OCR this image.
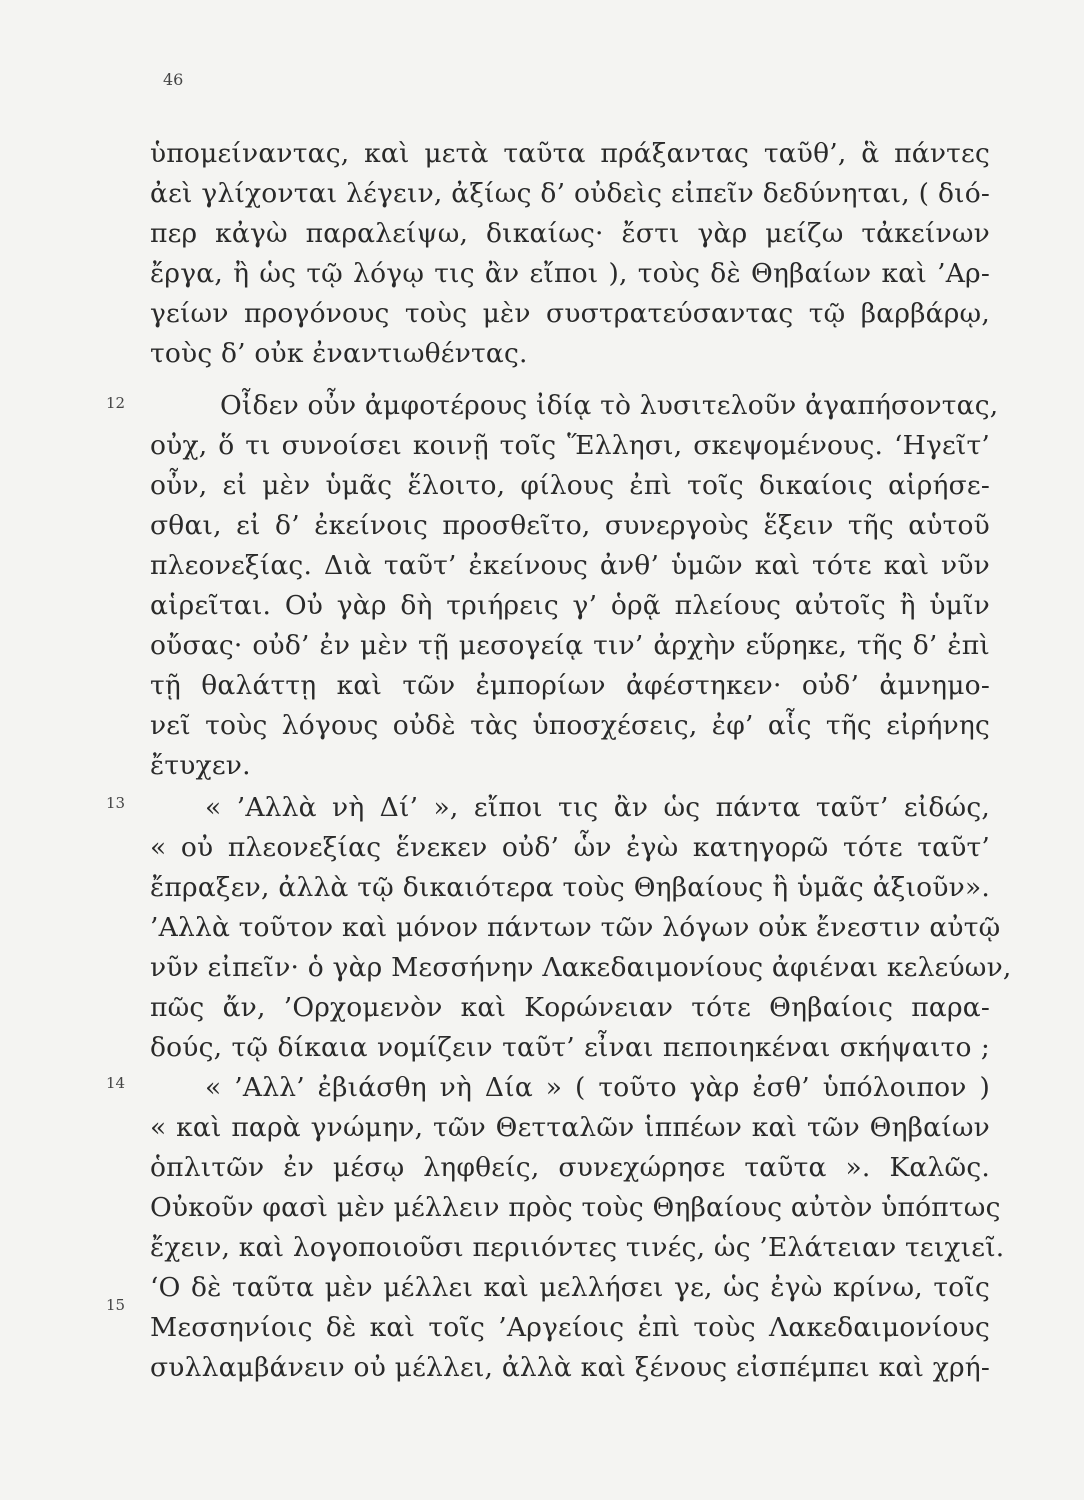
46
12
13
14
15
ὑπομείναντας, καὶ μετὰ ταῦτα πράξαντας ταῦθ’, ἃ πάντες
ἀεὶ γλίχονται λέγειν, ἀξίως δ’ οὐδεὶς εἰπεῖν δεδύνηται, ( διό-
περ κἀγὼ παραλείψω, δικαίως· ἔστι γὰρ μείζω τἀκείνων
ἔργα, ἢ ὡς τῷ λόγῳ τις ἂν εἴποι ), τοὺς δὲ Θηβαίων καὶ ’Αρ-
γείων προγόνους τοὺς μὲν συστρατεύσαντας τῷ βαρβάρῳ,
τοὺς δ’ οὐκ ἐναντιωθέντας.
Οἶδεν οὖν ἀμφοτέρους ἰδίᾳ τὸ λυσιτελοῦν ἀγαπήσοντας,
οὐχ, ὅ τι συνοίσει κοινῇ τοῖς Ἕλλησι, σκεψομένους. ‘Ηγεῖτ’
οὖν, εἰ μὲν ὑμᾶς ἕλοιτο, φίλους ἐπὶ τοῖς δικαίοις αἱρήσε-
σθαι, εἰ δ’ ἐκείνοις προσθεῖτο, συνεργοὺς ἕξειν τῆς αὑτοῦ
πλεονεξίας. Διὰ ταῦτ’ ἐκείνους ἀνθ’ ὑμῶν καὶ τότε καὶ νῦν
αἱρεῖται. Οὐ γὰρ δὴ τριήρεις γ’ ὁρᾷ πλείους αὐτοῖς ἢ ὑμῖν
οὔσας· οὐδ’ ἐν μὲν τῇ μεσογείᾳ τιν’ ἀρχὴν εὕρηκε, τῆς δ’ ἐπὶ
τῇ θαλάττῃ καὶ τῶν ἐμπορίων ἀφέστηκεν· οὐδ’ ἀμνημο-
νεῖ τοὺς λόγους οὐδὲ τὰς ὑποσχέσεις, ἐφ’ αἷς τῆς εἰρήνης
ἔτυχεν.
« ’Αλλὰ νὴ Δί’ », εἴποι τις ἂν ὡς πάντα ταῦτ’ εἰδώς,
« οὐ πλεονεξίας ἕνεκεν οὐδ’ ὧν ἐγὼ κατηγορῶ τότε ταῦτ’
ἔπραξεν, ἀλλὰ τῷ δικαιότερα τοὺς Θηβαίους ἢ ὑμᾶς ἀξιοῦν».
’Αλλὰ τοῦτον καὶ μόνον πάντων τῶν λόγων οὐκ ἔνεστιν αὐτῷ
νῦν εἰπεῖν· ὁ γὰρ Μεσσήνην Λακεδαιμονίους ἀφιέναι κελεύων,
πῶς ἄν, ’Ορχομενὸν καὶ Κορώνειαν τότε Θηβαίοις παρα-
δούς, τῷ δίκαια νομίζειν ταῦτ’ εἶναι πεποιηκέναι σκήψαιτο ;
« ’Αλλ’ ἐβιάσθη νὴ Δία » ( τοῦτο γὰρ ἐσθ’ ὑπόλοιπον )
« καὶ παρὰ γνώμην, τῶν Θετταλῶν ἱππέων καὶ τῶν Θηβαίων
ὁπλιτῶν ἐν μέσῳ ληφθείς, συνεχώρησε ταῦτα ». Καλῶς.
Οὐκοῦν φασὶ μὲν μέλλειν πρὸς τοὺς Θηβαίους αὐτὸν ὑπόπτως
ἔχειν, καὶ λογοποιοῦσι περιιόντες τινές, ὡς ’Ελάτειαν τειχιεῖ.
‘Ο δὲ ταῦτα μὲν μέλλει καὶ μελλήσει γε, ὡς ἐγὼ κρίνω, τοῖς
Μεσσηνίοις δὲ καὶ τοῖς ’Αργείοις ἐπὶ τοὺς Λακεδαιμονίους
συλλαμβάνειν οὐ μέλλει, ἀλλὰ καὶ ξένους εἰσπέμπει καὶ χρή-
